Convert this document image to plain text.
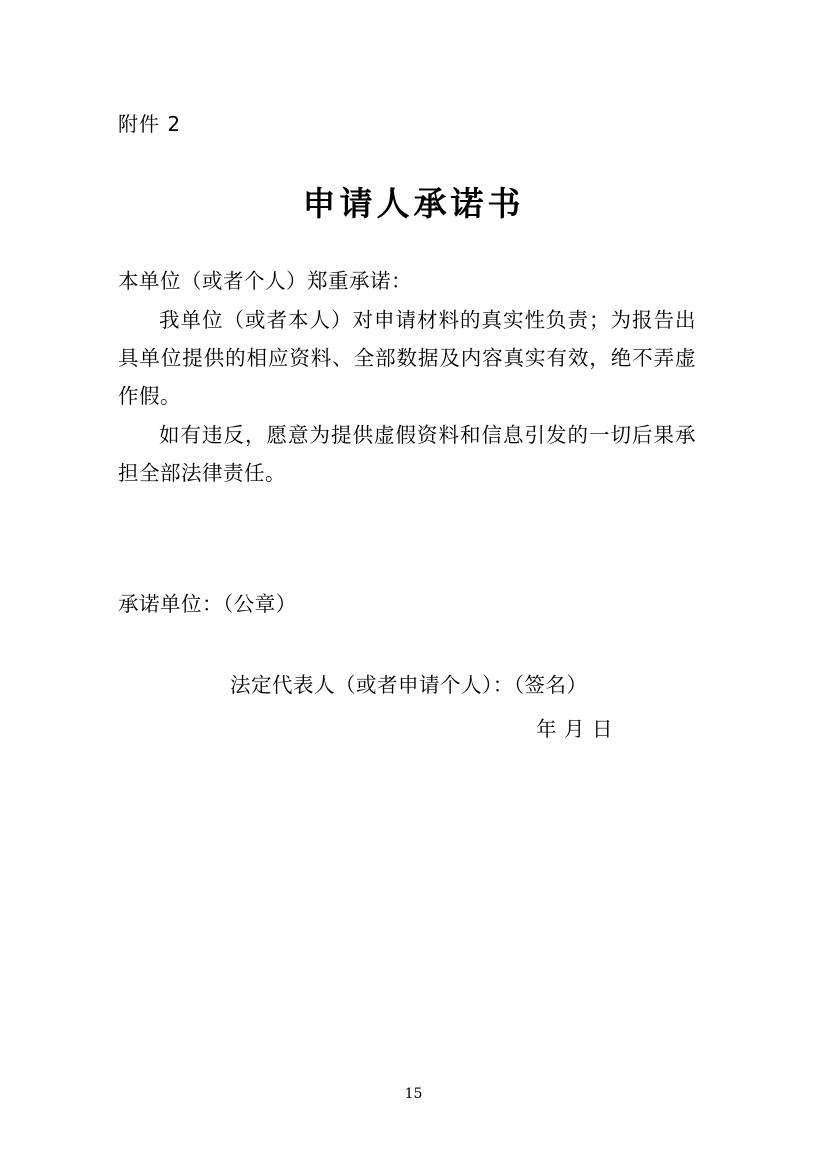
附件 2
申请人承诺书

本单位（或者个人）郑重承诺：

我单位（或者本人）对申请材料的真实性负责；为报告出具单位提供的相应资料、全部数据及内容真实有效，绝不弄虚作假。

如有违反，愿意为提供虚假资料和信息引发的一切后果承担全部法律责任。

承诺单位：（公章）
法定代表人（或者申请个人）：（签名）
年 月 日
15
